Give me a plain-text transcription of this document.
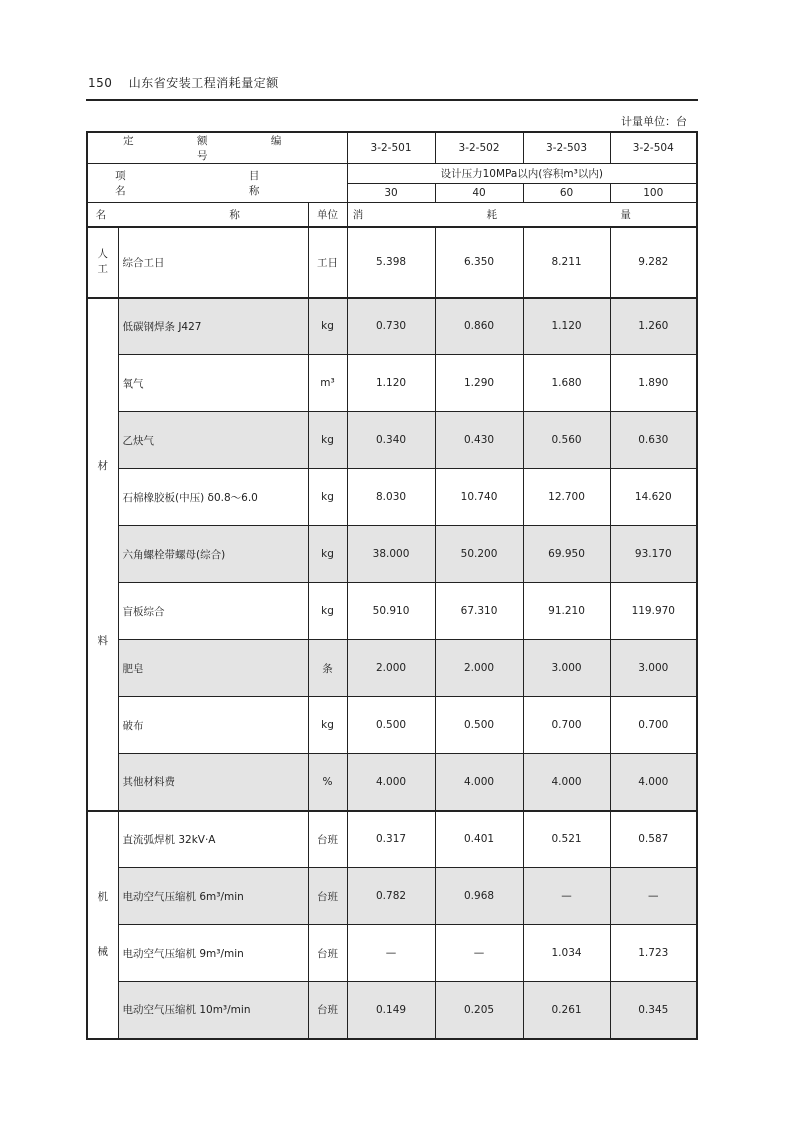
150 山东省安装工程消耗量定额
计量单位：台
定 额 编 号			3-2-501	3-2-502	3-2-503	3-2-504
项 目 名 称			设计压力10MPa以内(容积m³以内)			
			30	40	60	100
名 称		单位	消 耗 量			

人
工	综合工日	工日	5.398	6.350	8.211	9.282

材
料	低碳钢焊条 J427	kg	0.730	0.860	1.120	1.260
	氧气	m³	1.120	1.290	1.680	1.890
	乙炔气	kg	0.340	0.430	0.560	0.630
	石棉橡胶板(中压) δ0.8～6.0	kg	8.030	10.740	12.700	14.620
	六角螺栓带螺母(综合)	kg	38.000	50.200	69.950	93.170
	盲板综合	kg	50.910	67.310	91.210	119.970
	肥皂	条	2.000	2.000	3.000	3.000
	破布	kg	0.500	0.500	0.700	0.700
	其他材料费	%	4.000	4.000	4.000	4.000

机
械	直流弧焊机 32kV·A	台班	0.317	0.401	0.521	0.587
	电动空气压缩机 6m³/min	台班	0.782	0.968	—	—
	电动空气压缩机 9m³/min	台班	—	—	1.034	1.723
	电动空气压缩机 10m³/min	台班	0.149	0.205	0.261	0.345
